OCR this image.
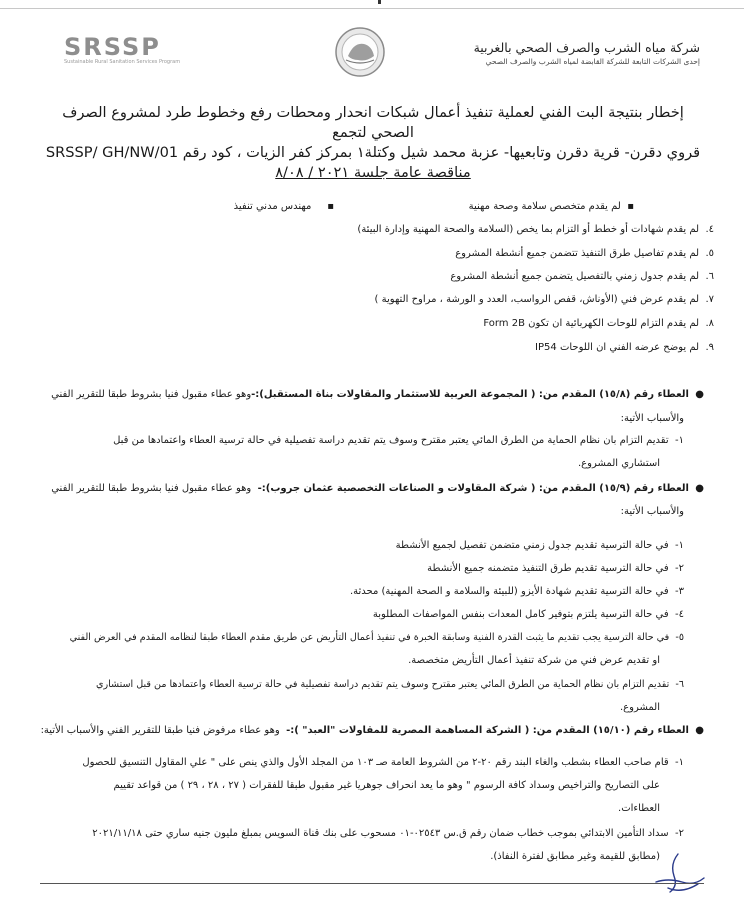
شركة مياه الشرب والصرف الصحي بالغربية
إحدى الشركات التابعة للشركة القابضة لمياه الشرب والصرف الصحي
SRSSP
Sustainable Rural Sanitation Services Program
إخطار بنتيجة البت الفني لعملية تنفيذ أعمال شبكات انحدار ومحطات رفع وخطوط طرد لمشروع الصرف الصحي لتجمع
قروي دقرن- قرية دقرن وتابعيها- عزبة محمد شيل وكتلة١ بمركز كفر الزيات ، كود رقم SRSSP/ GH/NW/01
مناقصة عامة جلسة ٢٠٢١ / ٨/٠٨
▪  لم يقدم متخصص سلامة وصحة مهنية
▪     مهندس مدني تنفيذ
٤.  لم يقدم شهادات أو خطط أو التزام بما يخص (السلامة والصحة المهنية وإدارة البيئة)
٥.  لم يقدم تفاصيل طرق التنفيذ تتضمن جميع أنشطة المشروع
٦.  لم يقدم جدول زمني بالتفصيل يتضمن جميع أنشطة المشروع
٧.  لم يقدم عرض فني (الأوناش، قفص الرواسب، العدد و الورشة ، مراوح التهوية )
٨.  لم يقدم التزام للوحات الكهربائية ان تكون Form 2B
٩.  لم يوضح عرضه الفني ان اللوحات IP54
●  العطاء رقم (١٥/٨) المقدم من: ( المجموعة العربية للاستثمار والمقاولات بناة المستقبل):-وهو عطاء مقبول فنيا بشروط طبقا للتقرير الفني
والأسباب الأتية:
١-  تقديم التزام بان نظام الحماية من الطرق المائي يعتبر مقترح وسوف يتم تقديم دراسة تفصيلية في حالة ترسية العطاء واعتمادها من قبل
استشاري المشروع.
●  العطاء رقم (١٥/٩) المقدم من: ( شركة المقاولات و الصناعات التخصصية عثمان جروب):-  وهو عطاء مقبول فنيا بشروط طبقا للتقرير الفني
والأسباب الأتية:
١-  في حالة الترسية تقديم جدول زمني متضمن تفصيل لجميع الأنشطة
٢-  في حالة الترسية تقديم طرق التنفيذ متضمنه جميع الأنشطة
٣-  في حالة الترسية تقديم شهادة الأيزو (للبيئة والسلامة و الصحة المهنية) محدثة.
٤-  في حالة الترسية يلتزم بتوفير كامل المعدات بنفس المواصفات المطلوبة
٥-  في حالة الترسية يجب تقديم ما يثبت القدرة الفنية وسابقة الخبرة في تنفيذ أعمال التأريض عن طريق مقدم العطاء طبقا لنظامه المقدم في العرض الفني
او تقديم عرض فني من شركة تنفيذ أعمال التأريض متخصصة.
٦-  تقديم التزام بان نظام الحماية من الطرق المائي يعتبر مقترح وسوف يتم تقديم دراسة تفصيلية في حالة ترسية العطاء واعتمادها من قبل استشاري
المشروع.
●  العطاء رقم (١٥/١٠) المقدم من: ( الشركة المساهمة المصرية للمقاولات "العبد" ):-  وهو عطاء مرفوض فنيا طبقا للتقرير الفني والأسباب الأتية:
١-  قام صاحب العطاء بشطب والغاء البند رقم ٢٠-٢ من الشروط العامة صـ ١٠٣ من المجلد الأول والذي ينص على " علي المقاول التنسيق للحصول
على التصاريح والتراخيص وسداد كافة الرسوم " وهو ما يعد انحراف جوهريا غير مقبول طبقا للفقرات ( ٢٧ ، ٢٨ ، ٢٩ ) من قواعد تقييم
العطاءات.
٢-  سداد التأمين الابتدائي بموجب خطاب ضمان رقم ق.س ٠٢٥٤٣-٠١ مسحوب على بنك قناة السويس بمبلغ مليون جنيه ساري حتى ٢٠٢١/١١/١٨
(مطابق للقيمة وغير مطابق لفترة النفاذ).
